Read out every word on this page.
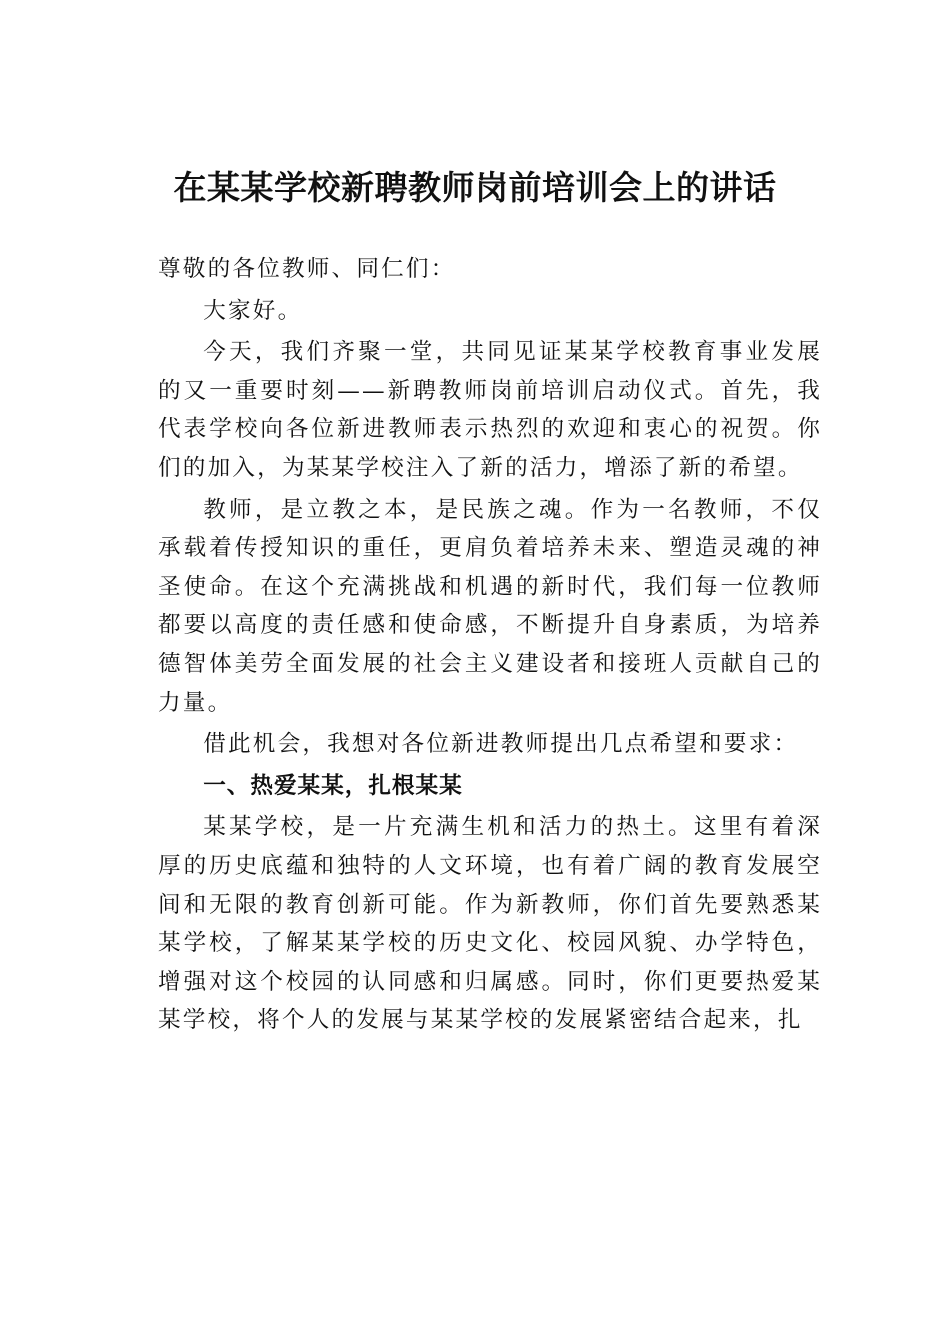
在某某学校新聘教师岗前培训会上的讲话

尊敬的各位教师、同仁们：

大家好。

今天，我们齐聚一堂，共同见证某某学校教育事业发展的又一重要时刻——新聘教师岗前培训启动仪式。首先，我代表学校向各位新进教师表示热烈的欢迎和衷心的祝贺。你们的加入，为某某学校注入了新的活力，增添了新的希望。

教师，是立教之本，是民族之魂。作为一名教师，不仅承载着传授知识的重任，更肩负着培养未来、塑造灵魂的神圣使命。在这个充满挑战和机遇的新时代，我们每一位教师都要以高度的责任感和使命感，不断提升自身素质，为培养德智体美劳全面发展的社会主义建设者和接班人贡献自己的力量。

借此机会，我想对各位新进教师提出几点希望和要求：

一、热爱某某，扎根某某

某某学校，是一片充满生机和活力的热土。这里有着深厚的历史底蕴和独特的人文环境，也有着广阔的教育发展空间和无限的教育创新可能。作为新教师，你们首先要熟悉某某学校，了解某某学校的历史文化、校园风貌、办学特色，增强对这个校园的认同感和归属感。同时，你们更要热爱某某学校，将个人的发展与某某学校的发展紧密结合起来，扎
